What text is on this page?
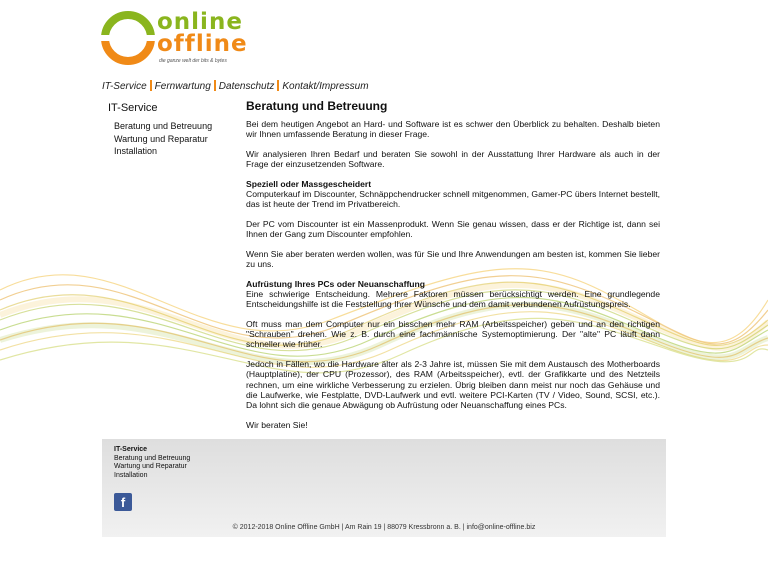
online
offline
die ganze welt der bits & bytes
IT-Service Fernwartung Datenschutz Kontakt/Impressum
IT-Service
Beratung und Betreuung
Wartung und Reparatur
Installation
Beratung und Betreuung

Bei dem heutigen Angebot an Hard- und Software ist es schwer den Überblick zu behalten. Deshalb bieten wir Ihnen umfassende Beratung in dieser Frage.

Wir analysieren Ihren Bedarf und beraten Sie sowohl in der Ausstattung Ihrer Hardware als auch in der Frage der einzusetzenden Software.

Speziell oder Massgescheidert
Computerkauf im Discounter, Schnäppchendrucker schnell mitgenommen, Gamer-PC übers Internet bestellt, das ist heute der Trend im Privatbereich.

Der PC vom Discounter ist ein Massenprodukt. Wenn Sie genau wissen, dass er der Richtige ist, dann sei Ihnen der Gang zum Discounter empfohlen.

Wenn Sie aber beraten werden wollen, was für Sie und Ihre Anwendungen am besten ist, kommen Sie lieber zu uns.

Aufrüstung Ihres PCs oder Neuanschaffung
Eine schwierige Entscheidung. Mehrere Faktoren müssen berücksichtigt werden. Eine grundlegende Entscheidungshilfe ist die Feststellung Ihrer Wünsche und dem damit verbundenen Aufrüstungspreis.

Oft muss man dem Computer nur ein bisschen mehr RAM (Arbeitsspeicher) geben und an den richtigen "Schrauben" drehen. Wie z. B. durch eine fachmännische Systemoptimierung. Der "alte" PC läuft dann schneller wie früher.

Jedoch in Fällen, wo die Hardware älter als 2-3 Jahre ist, müssen Sie mit dem Austausch des Motherboards (Hauptplatine), der CPU (Prozessor), des RAM (Arbeitsspeicher), evtl. der Grafikkarte und des Netzteils rechnen, um eine wirkliche Verbesserung zu erzielen. Übrig bleiben dann meist nur noch das Gehäuse und die Laufwerke, wie Festplatte, DVD-Laufwerk und evtl. weitere PCI-Karten (TV / Video, Sound, SCSI, etc.). Da lohnt sich die genaue Abwägung ob Aufrüstung oder Neuanschaffung eines PCs.

Wir beraten Sie!

IT-Service
Beratung und Betreuung
Wartung und Reparatur
Installation
f
© 2012-2018 Online Offline GmbH | Am Rain 19 | 88079 Kressbronn a. B. | info@online-offline.biz
